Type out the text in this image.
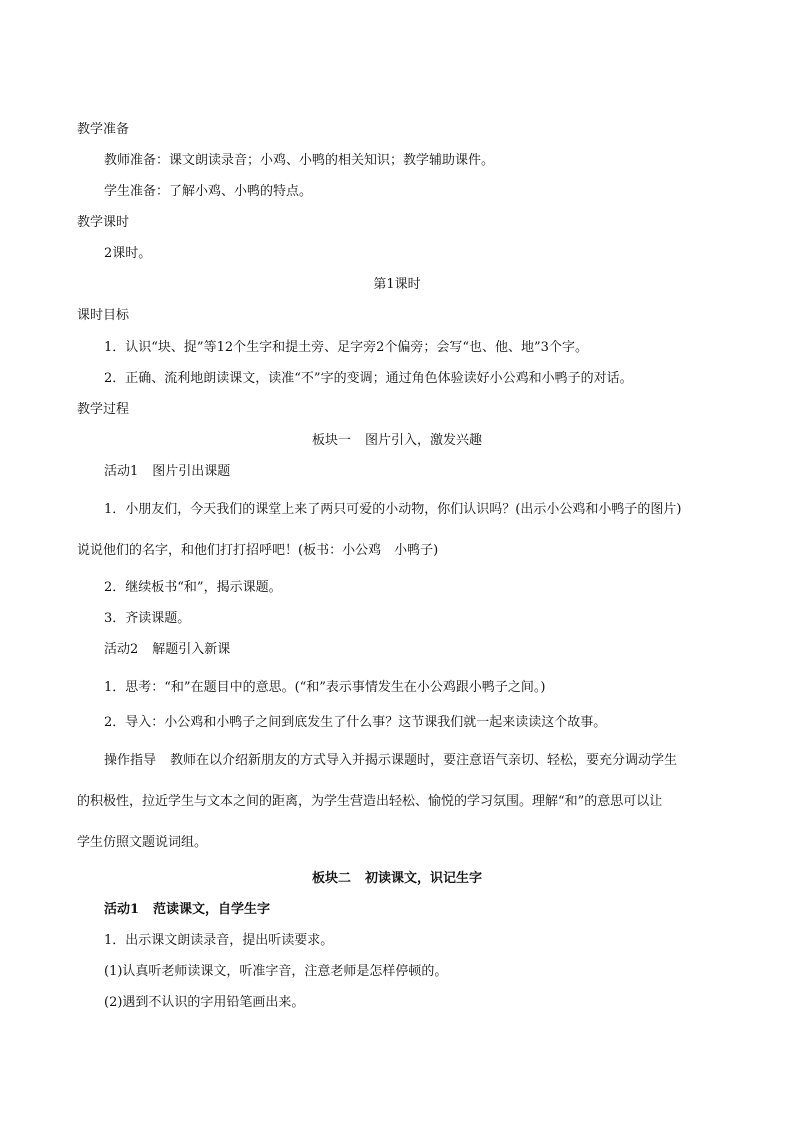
教学准备
教师准备：课文朗读录音；小鸡、小鸭的相关知识；教学辅助课件。
学生准备：了解小鸡、小鸭的特点。
教学课时
2课时。
第1课时
课时目标
1．认识“块、捉”等12个生字和提土旁、足字旁2个偏旁；会写“也、他、地”3个字。
2．正确、流利地朗读课文，读准“不”字的变调；通过角色体验读好小公鸡和小鸭子的对话。
教学过程
板块一 图片引入，激发兴趣
活动1 图片引出课题
1．小朋友们，今天我们的课堂上来了两只可爱的小动物，你们认识吗？(出示小公鸡和小鸭子的图片)
说说他们的名字，和他们打打招呼吧！(板书：小公鸡　小鸭子)
2．继续板书“和”，揭示课题。
3．齐读课题。
活动2 解题引入新课
1．思考：“和”在题目中的意思。(“和”表示事情发生在小公鸡跟小鸭子之间。)
2．导入：小公鸡和小鸭子之间到底发生了什么事？这节课我们就一起来读读这个故事。
操作指导 教师在以介绍新朋友的方式导入并揭示课题时，要注意语气亲切、轻松，要充分调动学生
的积极性，拉近学生与文本之间的距离，为学生营造出轻松、愉悦的学习氛围。理解“和”的意思可以让
学生仿照文题说词组。
板块二 初读课文，识记生字
活动1 范读课文，自学生字
1．出示课文朗读录音，提出听读要求。
(1)认真听老师读课文，听准字音，注意老师是怎样停顿的。
(2)遇到不认识的字用铅笔画出来。
